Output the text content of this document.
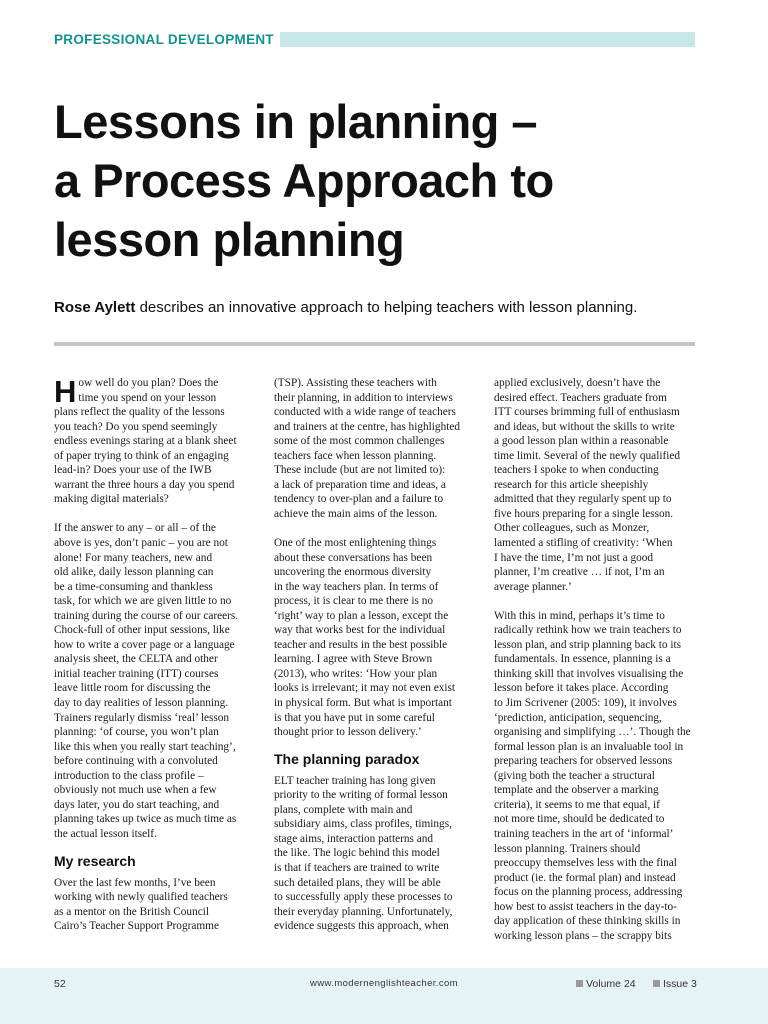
PROFESSIONAL DEVELOPMENT
Lessons in planning –
a Process Approach to
lesson planning
Rose Aylett describes an innovative approach to helping teachers with lesson planning.
H ow well do you plan? Does the
time you spend on your lesson
plans reflect the quality of the lessons
you teach? Do you spend seemingly
endless evenings staring at a blank sheet
of paper trying to think of an engaging
lead-in? Does your use of the IWB
warrant the three hours a day you spend
making digital materials?
If the answer to any – or all – of the
above is yes, don’t panic – you are not
alone! For many teachers, new and
old alike, daily lesson planning can
be a time-consuming and thankless
task, for which we are given little to no
training during the course of our careers.
Chock-full of other input sessions, like
how to write a cover page or a language
analysis sheet, the CELTA and other
initial teacher training (ITT) courses
leave little room for discussing the
day to day realities of lesson planning.
Trainers regularly dismiss ‘real’ lesson
planning: ‘of course, you won’t plan
like this when you really start teaching’,
before continuing with a convoluted
introduction to the class profile –
obviously not much use when a few
days later, you do start teaching, and
planning takes up twice as much time as
the actual lesson itself.
My research
Over the last few months, I’ve been
working with newly qualified teachers
as a mentor on the British Council
Cairo’s Teacher Support Programme
(TSP). Assisting these teachers with
their planning, in addition to interviews
conducted with a wide range of teachers
and trainers at the centre, has highlighted
some of the most common challenges
teachers face when lesson planning.
These include (but are not limited to):
a lack of preparation time and ideas, a
tendency to over-plan and a failure to
achieve the main aims of the lesson.
One of the most enlightening things
about these conversations has been
uncovering the enormous diversity
in the way teachers plan. In terms of
process, it is clear to me there is no
‘right’ way to plan a lesson, except the
way that works best for the individual
teacher and results in the best possible
learning. I agree with Steve Brown
(2013), who writes: ‘How your plan
looks is irrelevant; it may not even exist
in physical form. But what is important
is that you have put in some careful
thought prior to lesson delivery.’
The planning paradox
ELT teacher training has long given
priority to the writing of formal lesson
plans, complete with main and
subsidiary aims, class profiles, timings,
stage aims, interaction patterns and
the like. The logic behind this model
is that if teachers are trained to write
such detailed plans, they will be able
to successfully apply these processes to
their everyday planning. Unfortunately,
evidence suggests this approach, when
applied exclusively, doesn’t have the
desired effect. Teachers graduate from
ITT courses brimming full of enthusiasm
and ideas, but without the skills to write
a good lesson plan within a reasonable
time limit. Several of the newly qualified
teachers I spoke to when conducting
research for this article sheepishly
admitted that they regularly spent up to
five hours preparing for a single lesson.
Other colleagues, such as Monzer,
lamented a stifling of creativity: ‘When
I have the time, I’m not just a good
planner, I’m creative … if not, I’m an
average planner.’
With this in mind, perhaps it’s time to
radically rethink how we train teachers to
lesson plan, and strip planning back to its
fundamentals. In essence, planning is a
thinking skill that involves visualising the
lesson before it takes place. According
to Jim Scrivener (2005: 109), it involves
‘prediction, anticipation, sequencing,
organising and simplifying …’. Though the
formal lesson plan is an invaluable tool in
preparing teachers for observed lessons
(giving both the teacher a structural
template and the observer a marking
criteria), it seems to me that equal, if
not more time, should be dedicated to
training teachers in the art of ‘informal’
lesson planning. Trainers should
preoccupy themselves less with the final
product (ie. the formal plan) and instead
focus on the planning process, addressing
how best to assist teachers in the day-to-
day application of these thinking skills in
working lesson plans – the scrappy bits
52	www.modernenglishteacher.com	Volume 24	Issue 3
